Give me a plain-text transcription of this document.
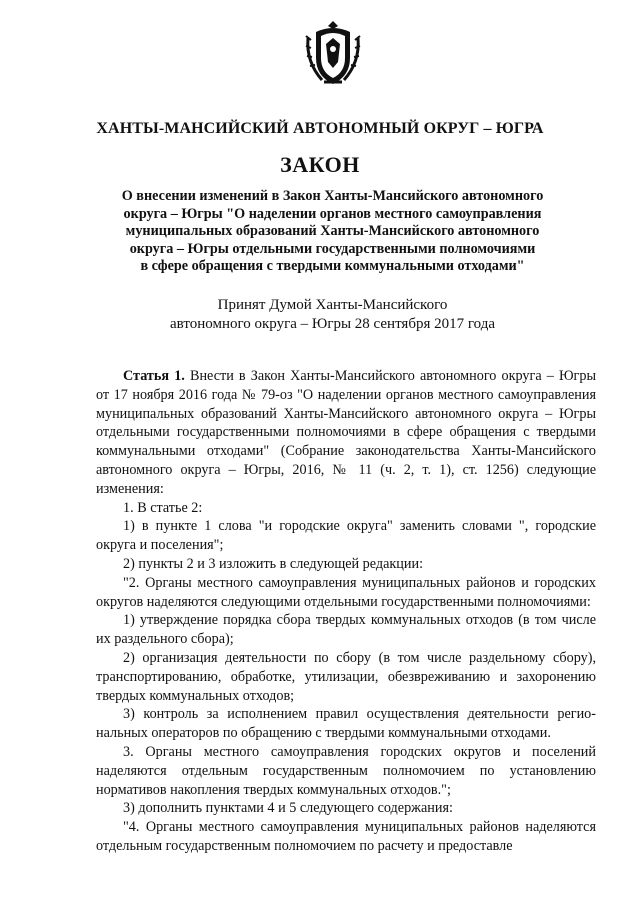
ХАНТЫ-МАНСИЙСКИЙ АВТОНОМНЫЙ ОКРУГ – ЮГРА
ЗАКОН
О внесении изменений в Закон Ханты-Мансийского автономного
округа – Югры "О наделении органов местного самоуправления
муниципальных образований Ханты-Мансийского автономного
округа – Югры отдельными государственными полномочиями
в сфере обращения с твердыми коммунальными отходами"
Принят Думой Ханты-Мансийского
автономного округа – Югры 28 сентября 2017 года

Статья 1. Внести в Закон Ханты-Мансийского автономного округа – Югры от 17 ноября 2016 года № 79-оз "О наделении органов местного самоуправления муниципальных образований Ханты-Мансийского автономного округа – Югры отдельными государственными полномочиями в сфере обращения с твердыми коммунальными отходами" (Собрание законодательства Ханты-Мансийского автономного округа – Югры, 2016, № 11 (ч. 2, т. 1), ст. 1256) следующие изменения:

1. В статье 2:

1) в пункте 1 слова "и городские округа" заменить словами ", городские округа и поселения";

2) пункты 2 и 3 изложить в следующей редакции:

"2. Органы местного самоуправления муниципальных районов и городских округов наделяются следующими отдельными государственными полномочиями:

1) утверждение порядка сбора твердых коммунальных отходов (в том числе их раздельного сбора);

2) организация деятельности по сбору (в том числе раздельному сбору), транспортированию, обработке, утилизации, обезвреживанию и захоронению твердых коммунальных отходов;

3) контроль за исполнением правил осуществления деятельности региональных операторов по обращению с твердыми коммунальными отходами.

3. Органы местного самоуправления городских округов и поселений наделяются отдельным государственным полномочием по установлению нормативов накопления твердых коммунальных отходов.";

3) дополнить пунктами 4 и 5 следующего содержания:

"4. Органы местного самоуправления муниципальных районов наделяются отдельным государственным полномочием по расчету и предоставле
